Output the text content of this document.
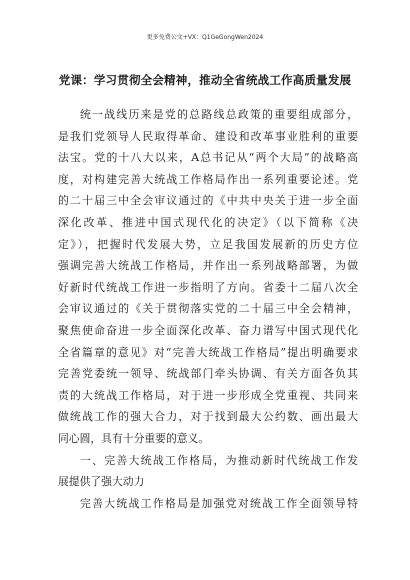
更多免费公文+VX：Q1GeGongWen2024
党课：学习贯彻全会精神，推动全省统战工作高质量发展
统一战线历来是党的总路线总政策的重要组成部分，
是我们党领导人民取得革命、建设和改革事业胜利的重要
法宝。党的十八大以来，A总书记从“两个大局”的战略高
度，对构建完善大统战工作格局作出一系列重要论述。党
的二十届三中全会审议通过的《中共中央关于进一步全面
深化改革、推进中国式现代化的决定》（以下简称《决
定》），把握时代发展大势，立足我国发展新的历史方位
强调完善大统战工作格局，并作出一系列战略部署，为做
好新时代统战工作进一步指明了方向。省委十二届八次全
会审议通过的《关于贯彻落实党的二十届三中全会精神，
聚焦使命奋进一步全面深化改革、奋力谱写中国式现代化
全省篇章的意见》对“完善大统战工作格局”提出明确要求
完善党委统一领导、统战部门牵头协调、有关方面各负其
责的大统战工作格局，对于进一步形成全党重视、共同来
做统战工作的强大合力，对于找到最大公约数、画出最大
同心圆，具有十分重要的意义。
一、完善大统战工作格局，为推动新时代统战工作发
展提供了强大动力
完善大统战工作格局是加强党对统战工作全面领导特
